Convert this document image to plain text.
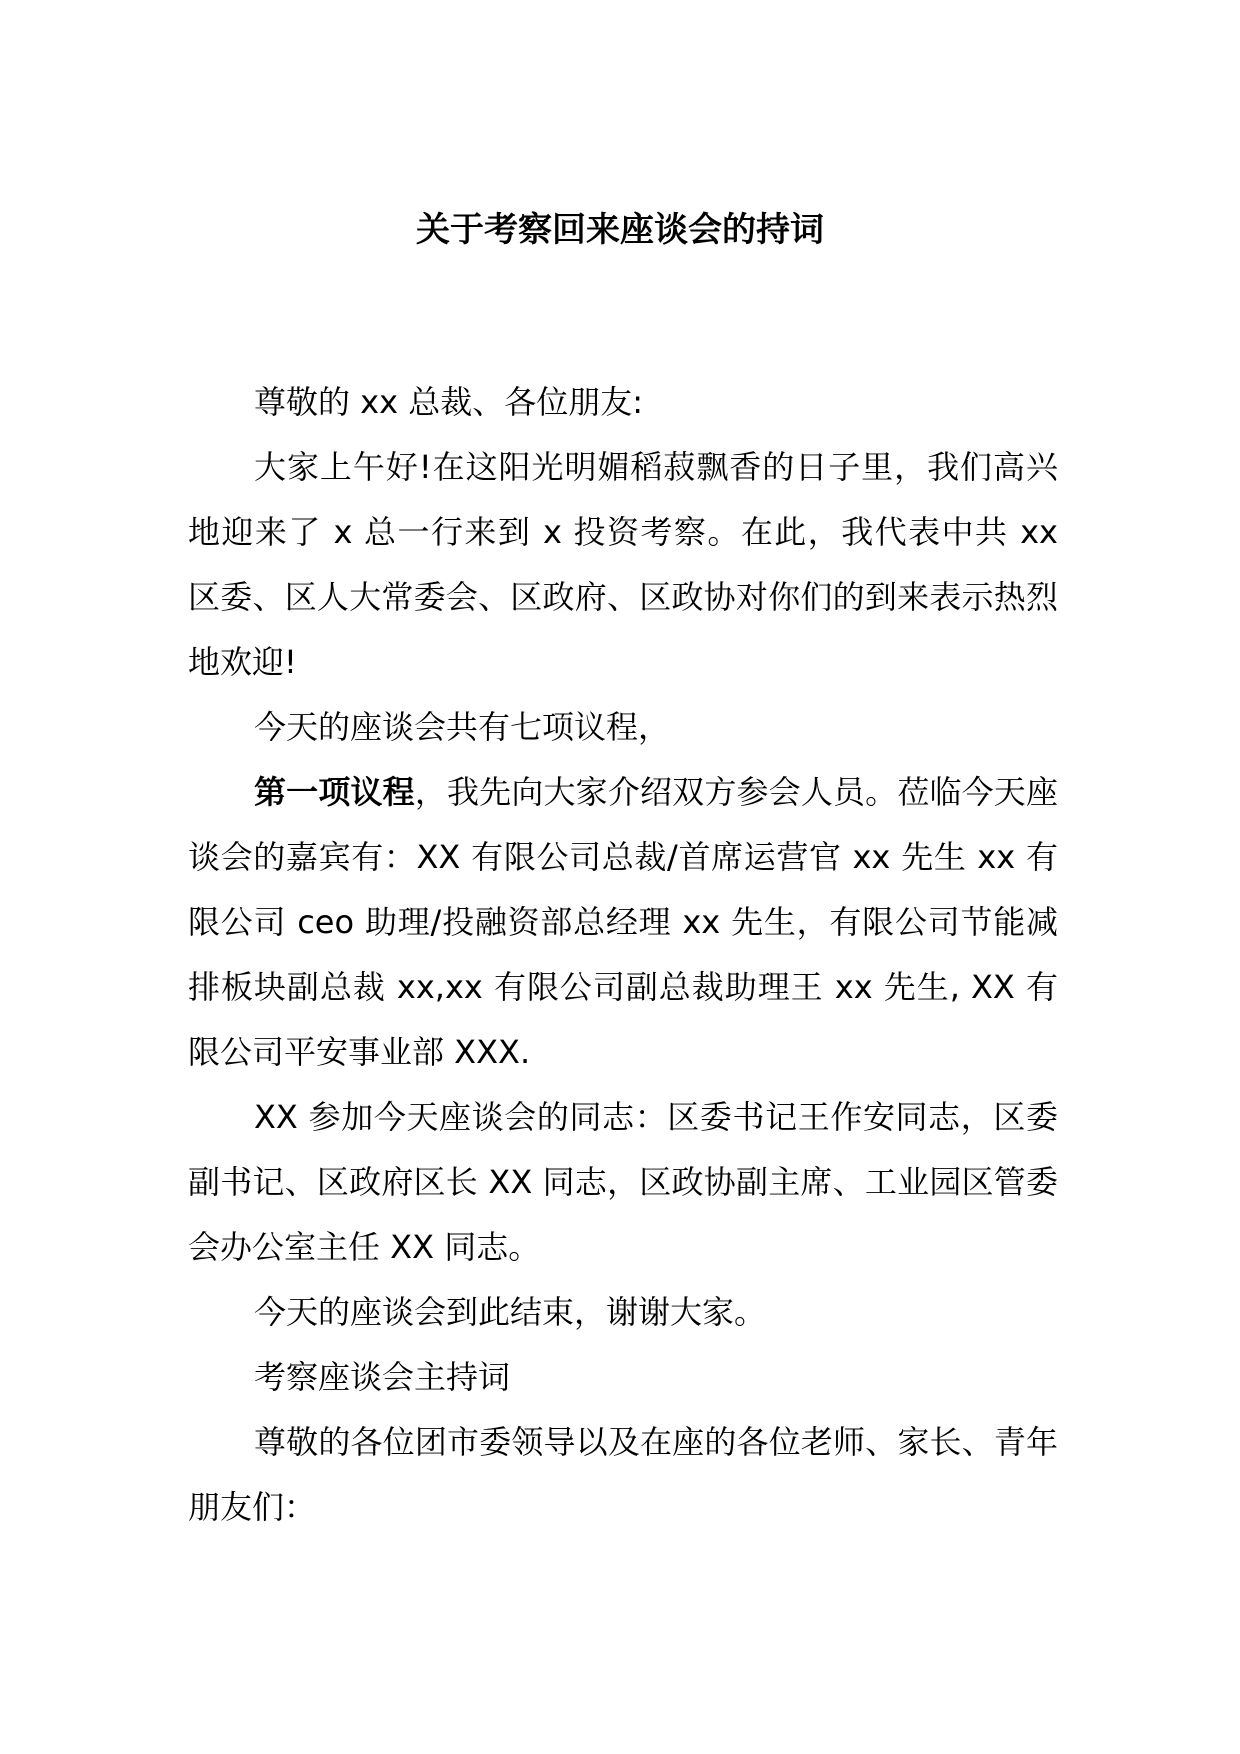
关于考察回来座谈会的持词

尊敬的 xx 总裁、各位朋友:

大家上午好!在这阳光明媚稻菽飘香的日子里，我们高兴地迎来了 x 总一行来到 x 投资考察。在此，我代表中共 xx 区委、区人大常委会、区政府、区政协对你们的到来表示热烈地欢迎!

今天的座谈会共有七项议程，

第一项议程，我先向大家介绍双方参会人员。莅临今天座谈会的嘉宾有：XX 有限公司总裁/首席运营官 xx 先生 xx 有限公司 ceo 助理/投融资部总经理 xx 先生，有限公司节能减排板块副总裁 xx,xx 有限公司副总裁助理王 xx 先生, XX 有限公司平安事业部 XXX.

XX 参加今天座谈会的同志：区委书记王作安同志，区委副书记、区政府区长 XX 同志，区政协副主席、工业园区管委会办公室主任 XX 同志。

今天的座谈会到此结束，谢谢大家。

考察座谈会主持词

尊敬的各位团市委领导以及在座的各位老师、家长、青年朋友们：
